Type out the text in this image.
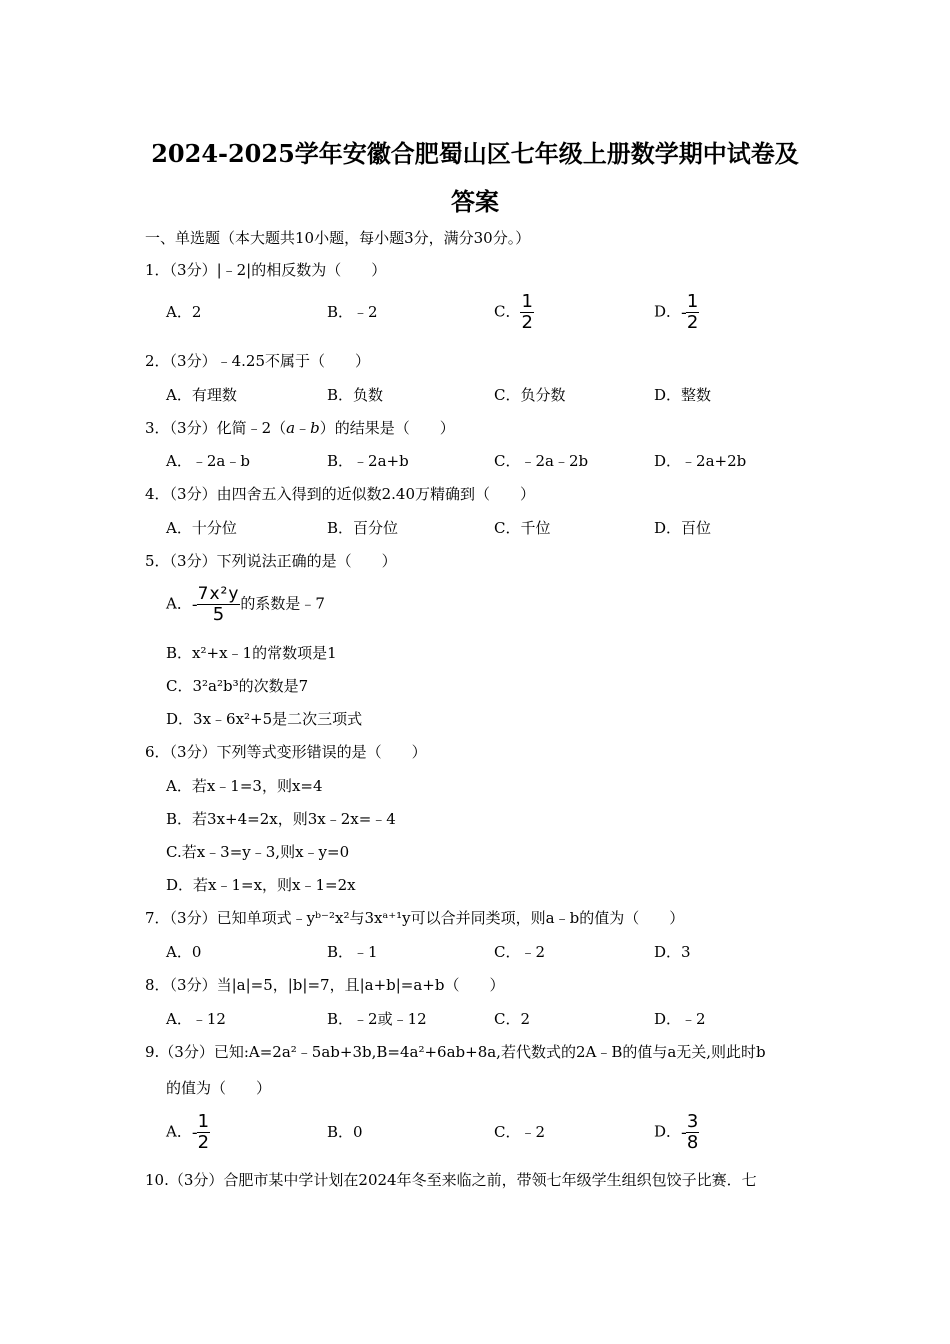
2024-2025学年安徽合肥蜀山区七年级上册数学期中试卷及
答案
一、单选题（本大题共10小题，每小题3分，满分30分。）
1．（3分）|﹣2|的相反数为（　　）
A．2	B．﹣2	C． $\frac{1}{2}$	D．- $\frac{1}{2}$
2．（3分）﹣4.25不属于（　　）
A．有理数	B．负数	C．负分数	D．整数
3．（3分）化简﹣2（a﹣b）的结果是（　　）
A．﹣2a﹣b	B．﹣2a+b	C．﹣2a﹣2b	D．﹣2a+2b
4．（3分）由四舍五入得到的近似数2.40万精确到（　　）
A．十分位	B．百分位	C．千位	D．百位
5．（3分）下列说法正确的是（　　）
A．- $\frac{\text{7x²y}}{5}$ 的系数是﹣7
B．x²+x﹣1的常数项是1
C．3²a²b³的次数是7
D．3x﹣6x²+5是二次三项式
6．（3分）下列等式变形错误的是（　　）
A．若x﹣1=3，则x=4
B．若3x+4=2x，则3x﹣2x=﹣4
C.若x﹣3=y﹣3,则x﹣y=0
D．若x﹣1=x，则x﹣1=2x
7．（3分）已知单项式﹣yᵇ⁻²x²与3xᵃ⁺¹y可以合并同类项，则a﹣b的值为（　　）
A．0	B．﹣1	C．﹣2	D．3
8．（3分）当|a|=5，|b|=7，且|a+b|=a+b（　　）
A．﹣12	B．﹣2或﹣12	C．2	D．﹣2
9.（3分）已知:A=2a²﹣5ab+3b,B=4a²+6ab+8a,若代数式的2A﹣B的值与a无关,则此时b
的值为（　　）
A．- $\frac{1}{2}$	B．0	C．﹣2	D．- $\frac{3}{8}$
10.（3分）合肥市某中学计划在2024年冬至来临之前，带领七年级学生组织包饺子比赛．七
